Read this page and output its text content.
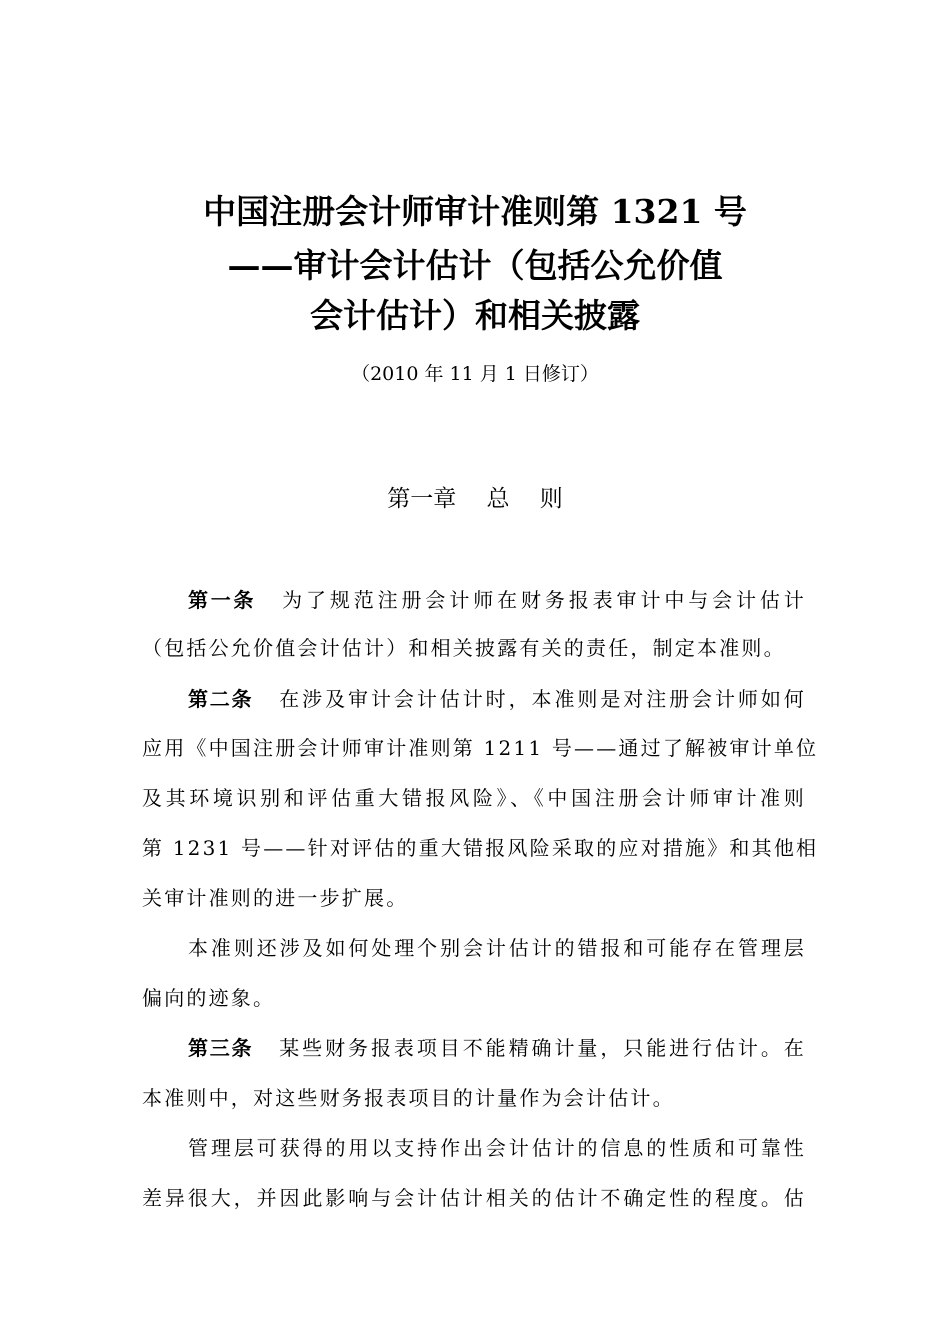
中国注册会计师审计准则第 1321 号
——审计会计估计（包括公允价值
会计估计）和相关披露
（2010 年 11 月 1 日修订）
第一章　 总　 则
第一条 为了规范注册会计师在财务报表审计中与会计估计
（包括公允价值会计估计）和相关披露有关的责任，制定本准则。
第二条 在涉及审计会计估计时，本准则是对注册会计师如何
应用《中国注册会计师审计准则第 1211 号——通过了解被审计单位
及其环境识别和评估重大错报风险》、《中国注册会计师审计准则
第 1231 号——针对评估的重大错报风险采取的应对措施》和其他相
关审计准则的进一步扩展。
本准则还涉及如何处理个别会计估计的错报和可能存在管理层
偏向的迹象。
第三条 某些财务报表项目不能精确计量，只能进行估计。在
本准则中，对这些财务报表项目的计量作为会计估计。
管理层可获得的用以支持作出会计估计的信息的性质和可靠性
差异很大，并因此影响与会计估计相关的估计不确定性的程度。估
